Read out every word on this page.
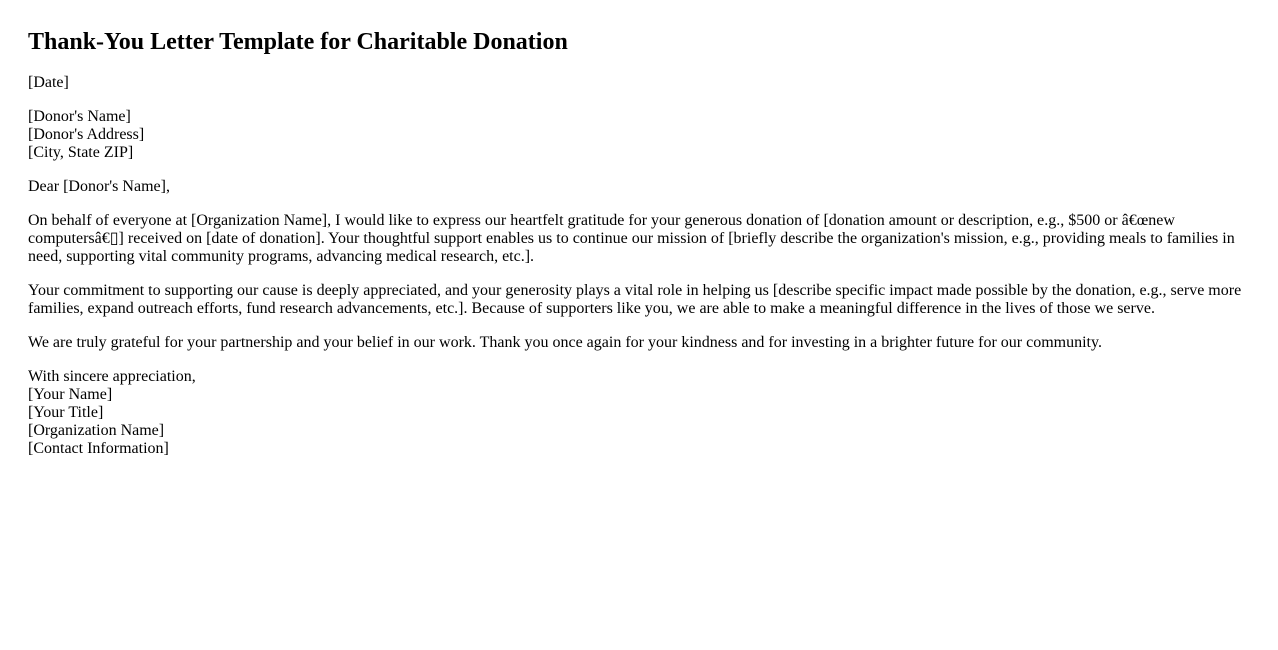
Thank-You Letter Template for Charitable Donation

[Date]

[Donor's Name]
[Donor's Address]
[City, State ZIP]

Dear [Donor's Name],

On behalf of everyone at [Organization Name], I would like to express our heartfelt gratitude for your generous donation of [donation amount or description, e.g., $500 or â€œnew computersâ€▯] received on [date of donation]. Your thoughtful support enables us to continue our mission of [briefly describe the organization's mission, e.g., providing meals to families in need, supporting vital community programs, advancing medical research, etc.].

Your commitment to supporting our cause is deeply appreciated, and your generosity plays a vital role in helping us [describe specific impact made possible by the donation, e.g., serve more families, expand outreach efforts, fund research advancements, etc.]. Because of supporters like you, we are able to make a meaningful difference in the lives of those we serve.

We are truly grateful for your partnership and your belief in our work. Thank you once again for your kindness and for investing in a brighter future for our community.

With sincere appreciation,
[Your Name]
[Your Title]
[Organization Name]
[Contact Information]
